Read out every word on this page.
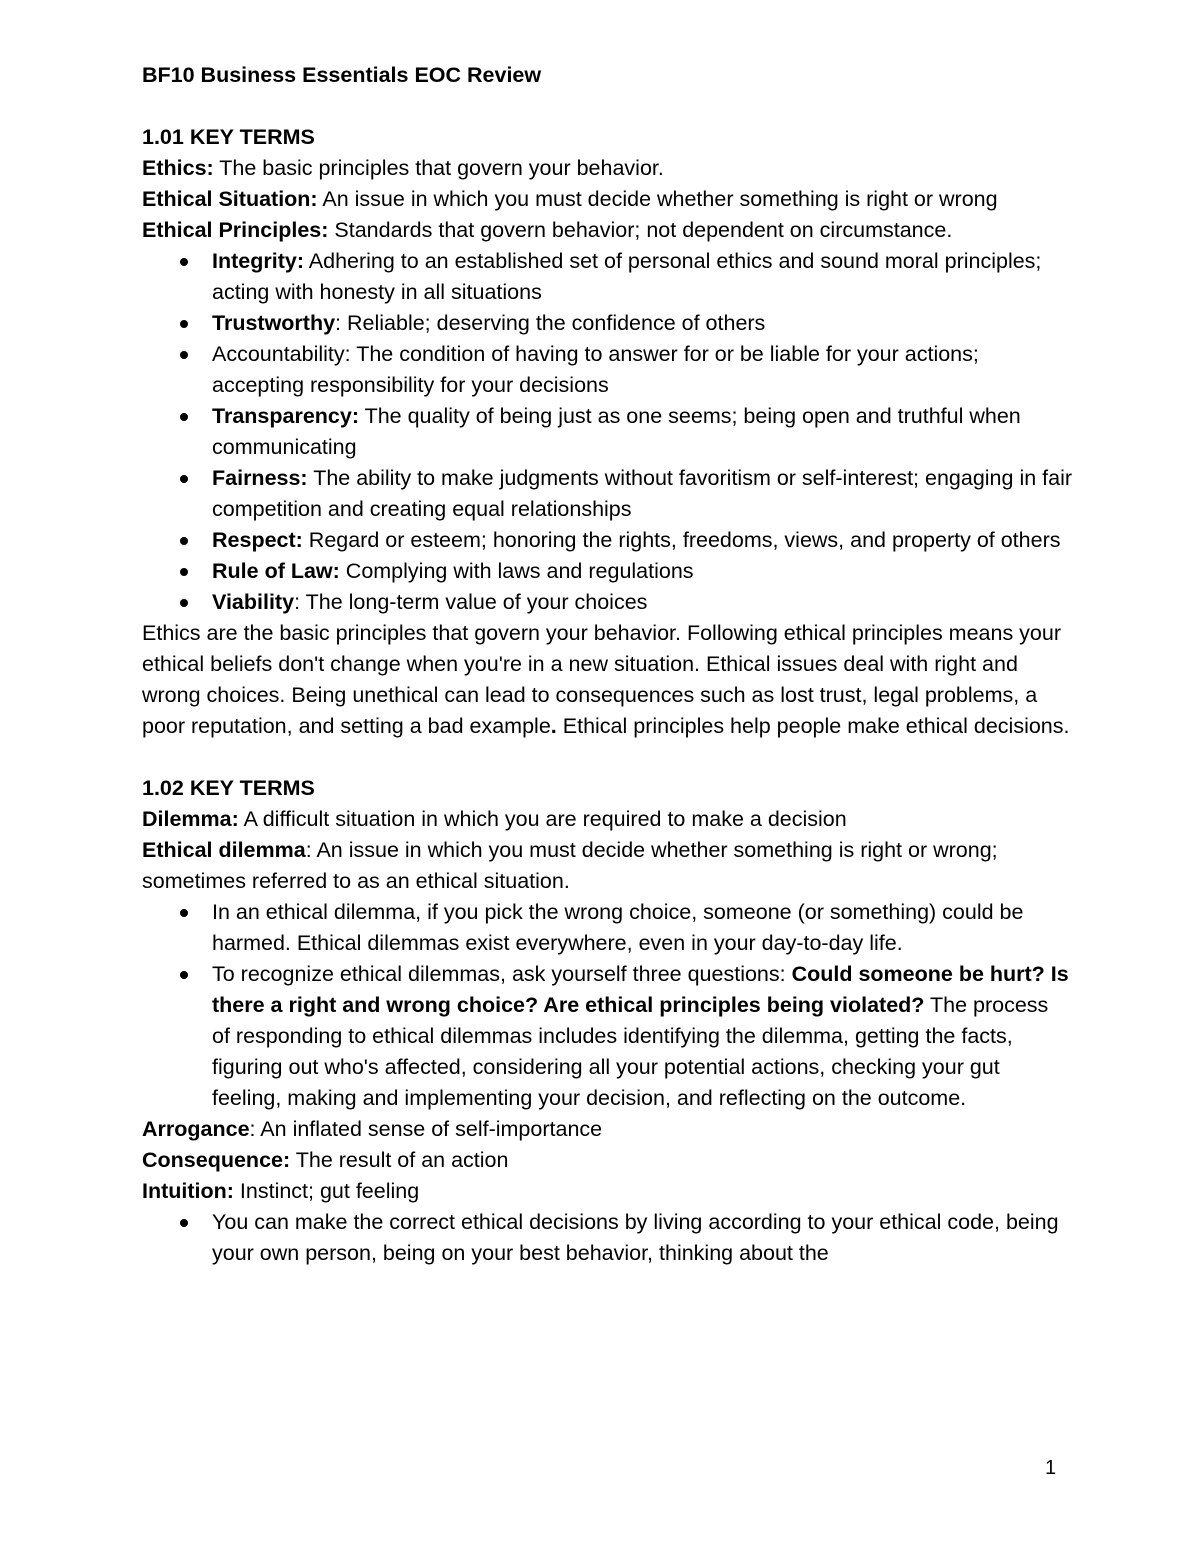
BF10 Business Essentials EOC Review

1.01 KEY TERMS

Ethics: The basic principles that govern your behavior.

Ethical Situation: An issue in which you must decide whether something is right or wrong

Ethical Principles: Standards that govern behavior; not dependent on circumstance.

Integrity: Adhering to an established set of personal ethics and sound moral principles; acting with honesty in all situations
Trustworthy: Reliable; deserving the confidence of others
Accountability: The condition of having to answer for or be liable for your actions; accepting responsibility for your decisions
Transparency: The quality of being just as one seems; being open and truthful when communicating
Fairness: The ability to make judgments without favoritism or self-interest; engaging in fair competition and creating equal relationships
Respect: Regard or esteem; honoring the rights, freedoms, views, and property of others
Rule of Law: Complying with laws and regulations
Viability: The long-term value of your choices

Ethics are the basic principles that govern your behavior. Following ethical principles means your ethical beliefs don't change when you're in a new situation. Ethical issues deal with right and wrong choices. Being unethical can lead to consequences such as lost trust, legal problems, a poor reputation, and setting a bad example. Ethical principles help people make ethical decisions.

1.02 KEY TERMS

Dilemma: A difficult situation in which you are required to make a decision

Ethical dilemma: An issue in which you must decide whether something is right or wrong; sometimes referred to as an ethical situation.

In an ethical dilemma, if you pick the wrong choice, someone (or something) could be harmed. Ethical dilemmas exist everywhere, even in your day-to-day life.
To recognize ethical dilemmas, ask yourself three questions: Could someone be hurt? Is there a right and wrong choice? Are ethical principles being violated? The process of responding to ethical dilemmas includes identifying the dilemma, getting the facts, figuring out who's affected, considering all your potential actions, checking your gut feeling, making and implementing your decision, and reflecting on the outcome.

Arrogance: An inflated sense of self-importance

Consequence: The result of an action

Intuition: Instinct; gut feeling

You can make the correct ethical decisions by living according to your ethical code, being your own person, being on your best behavior, thinking about the
1
